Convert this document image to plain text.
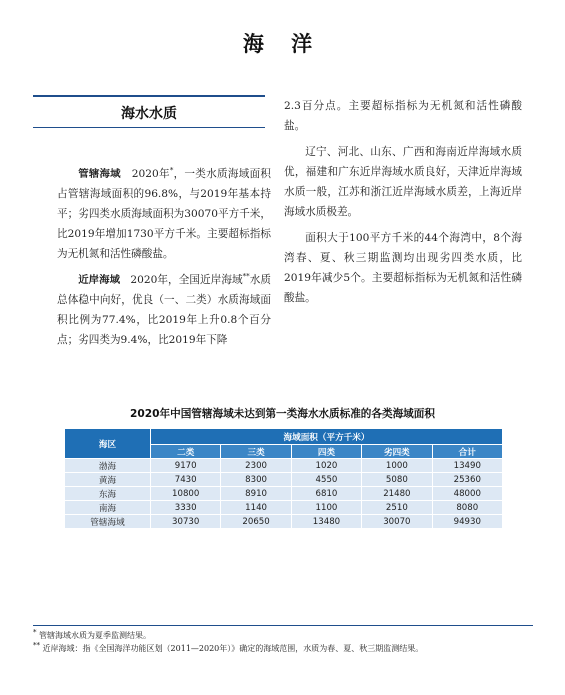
海 洋
海水水质

管辖海域 2020年*，一类水质海域面积占管辖海域面积的96.8%，与2019年基本持平；劣四类水质海域面积为30070平方千米，比2019年增加1730平方千米。主要超标指标为无机氮和活性磷酸盐。

近岸海域 2020年，全国近岸海域**水质总体稳中向好，优良（一、二类）水质海域面积比例为77.4%，比2019年上升0.8个百分点；劣四类为9.4%，比2019年下降

2.3百分点。主要超标指标为无机氮和活性磷酸盐。

辽宁、河北、山东、广西和海南近岸海域水质优，福建和广东近岸海域水质良好，天津近岸海域水质一般，江苏和浙江近岸海域水质差，上海近岸海域水质极差。

面积大于100平方千米的44个海湾中，8个海湾春、夏、秋三期监测均出现劣四类水质，比2019年减少5个。主要超标指标为无机氮和活性磷酸盐。

2020年中国管辖海域未达到第一类海水水质标准的各类海域面积
海区	海域面积（平方千米）				
	二类	三类	四类	劣四类	合计
渤海	9170	2300	1020	1000	13490
黄海	7430	8300	4550	5080	25360
东海	10800	8910	6810	21480	48000
南海	3330	1140	1100	2510	8080
管辖海域	30730	20650	13480	30070	94930
* 管辖海域水质为夏季监测结果。
** 近岸海域：指《全国海洋功能区划（2011—2020年）》确定的海域范围，水质为春、夏、秋三期监测结果。
